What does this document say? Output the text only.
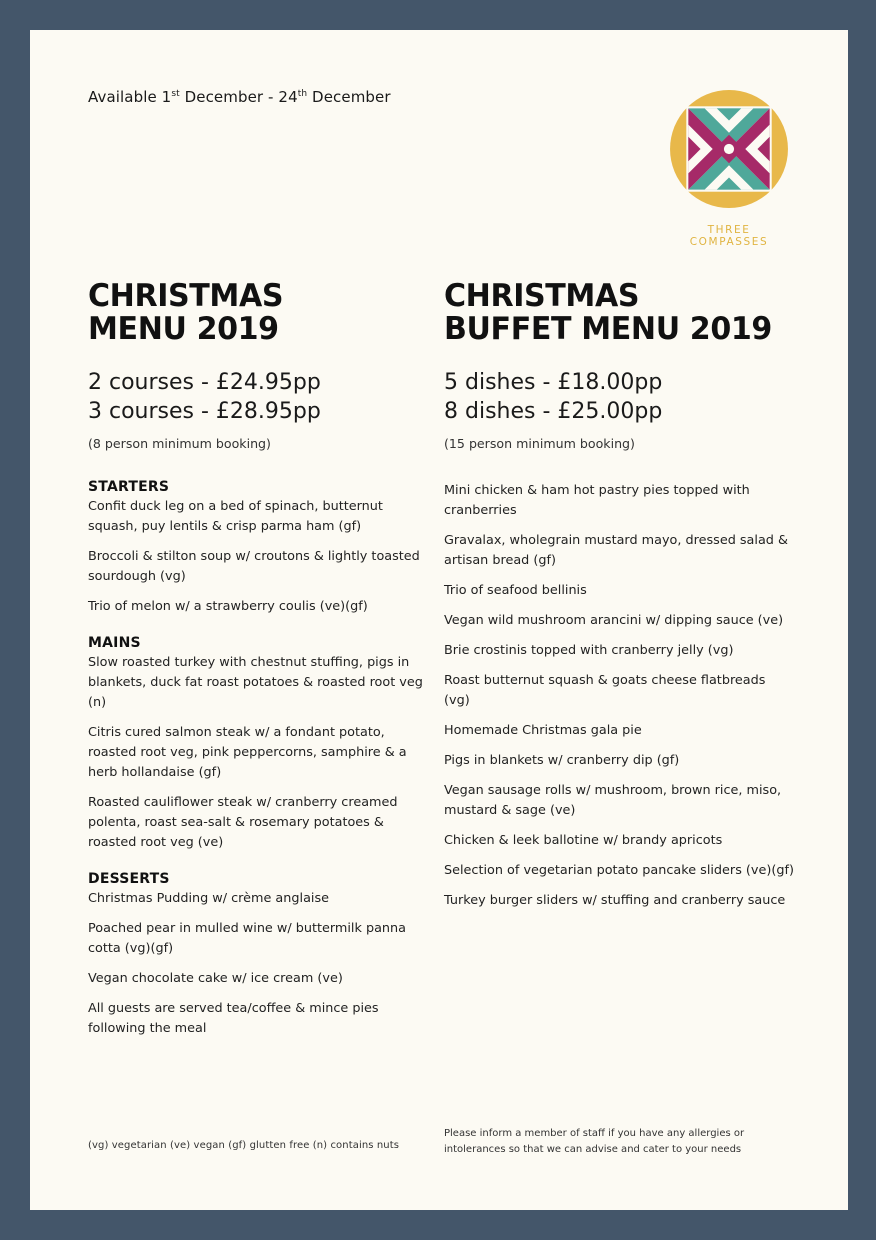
Available 1st December - 24th December
THREE COMPASSES
CHRISTMAS
MENU 2019
2 courses - £24.95pp
3 courses - £28.95pp
(8 person minimum booking)
STARTERS
Confit duck leg on a bed of spinach, butternut squash, puy lentils & crisp parma ham (gf)
Broccoli & stilton soup w/ croutons & lightly toasted sourdough (vg)
Trio of melon w/ a strawberry coulis (ve)(gf)
MAINS
Slow roasted turkey with chestnut stuffing, pigs in blankets, duck fat roast potatoes & roasted root veg (n)
Citris cured salmon steak w/ a fondant potato, roasted root veg, pink peppercorns, samphire & a herb hollandaise (gf)
Roasted cauliflower steak w/ cranberry creamed polenta, roast sea-salt & rosemary potatoes & roasted root veg (ve)
DESSERTS
Christmas Pudding w/ crème anglaise
Poached pear in mulled wine w/ buttermilk panna cotta (vg)(gf)
Vegan chocolate cake w/ ice cream (ve)
All guests are served tea/coffee & mince pies following the meal
CHRISTMAS
BUFFET MENU 2019
5 dishes - £18.00pp
8 dishes - £25.00pp
(15 person minimum booking)
Mini chicken & ham hot pastry pies topped with cranberries
Gravalax, wholegrain mustard mayo, dressed salad & artisan bread (gf)
Trio of seafood bellinis
Vegan wild mushroom arancini w/ dipping sauce (ve)
Brie crostinis topped with cranberry jelly (vg)
Roast butternut squash & goats cheese flatbreads (vg)
Homemade Christmas gala pie
Pigs in blankets w/ cranberry dip (gf)
Vegan sausage rolls w/ mushroom, brown rice, miso, mustard & sage (ve)
Chicken & leek ballotine w/ brandy apricots
Selection of vegetarian potato pancake sliders (ve)(gf)
Turkey burger sliders w/ stuffing and cranberry sauce
(vg) vegetarian (ve) vegan (gf) glutten free (n) contains nuts
Please inform a member of staff if you have any allergies or intolerances so that we can advise and cater to your needs
